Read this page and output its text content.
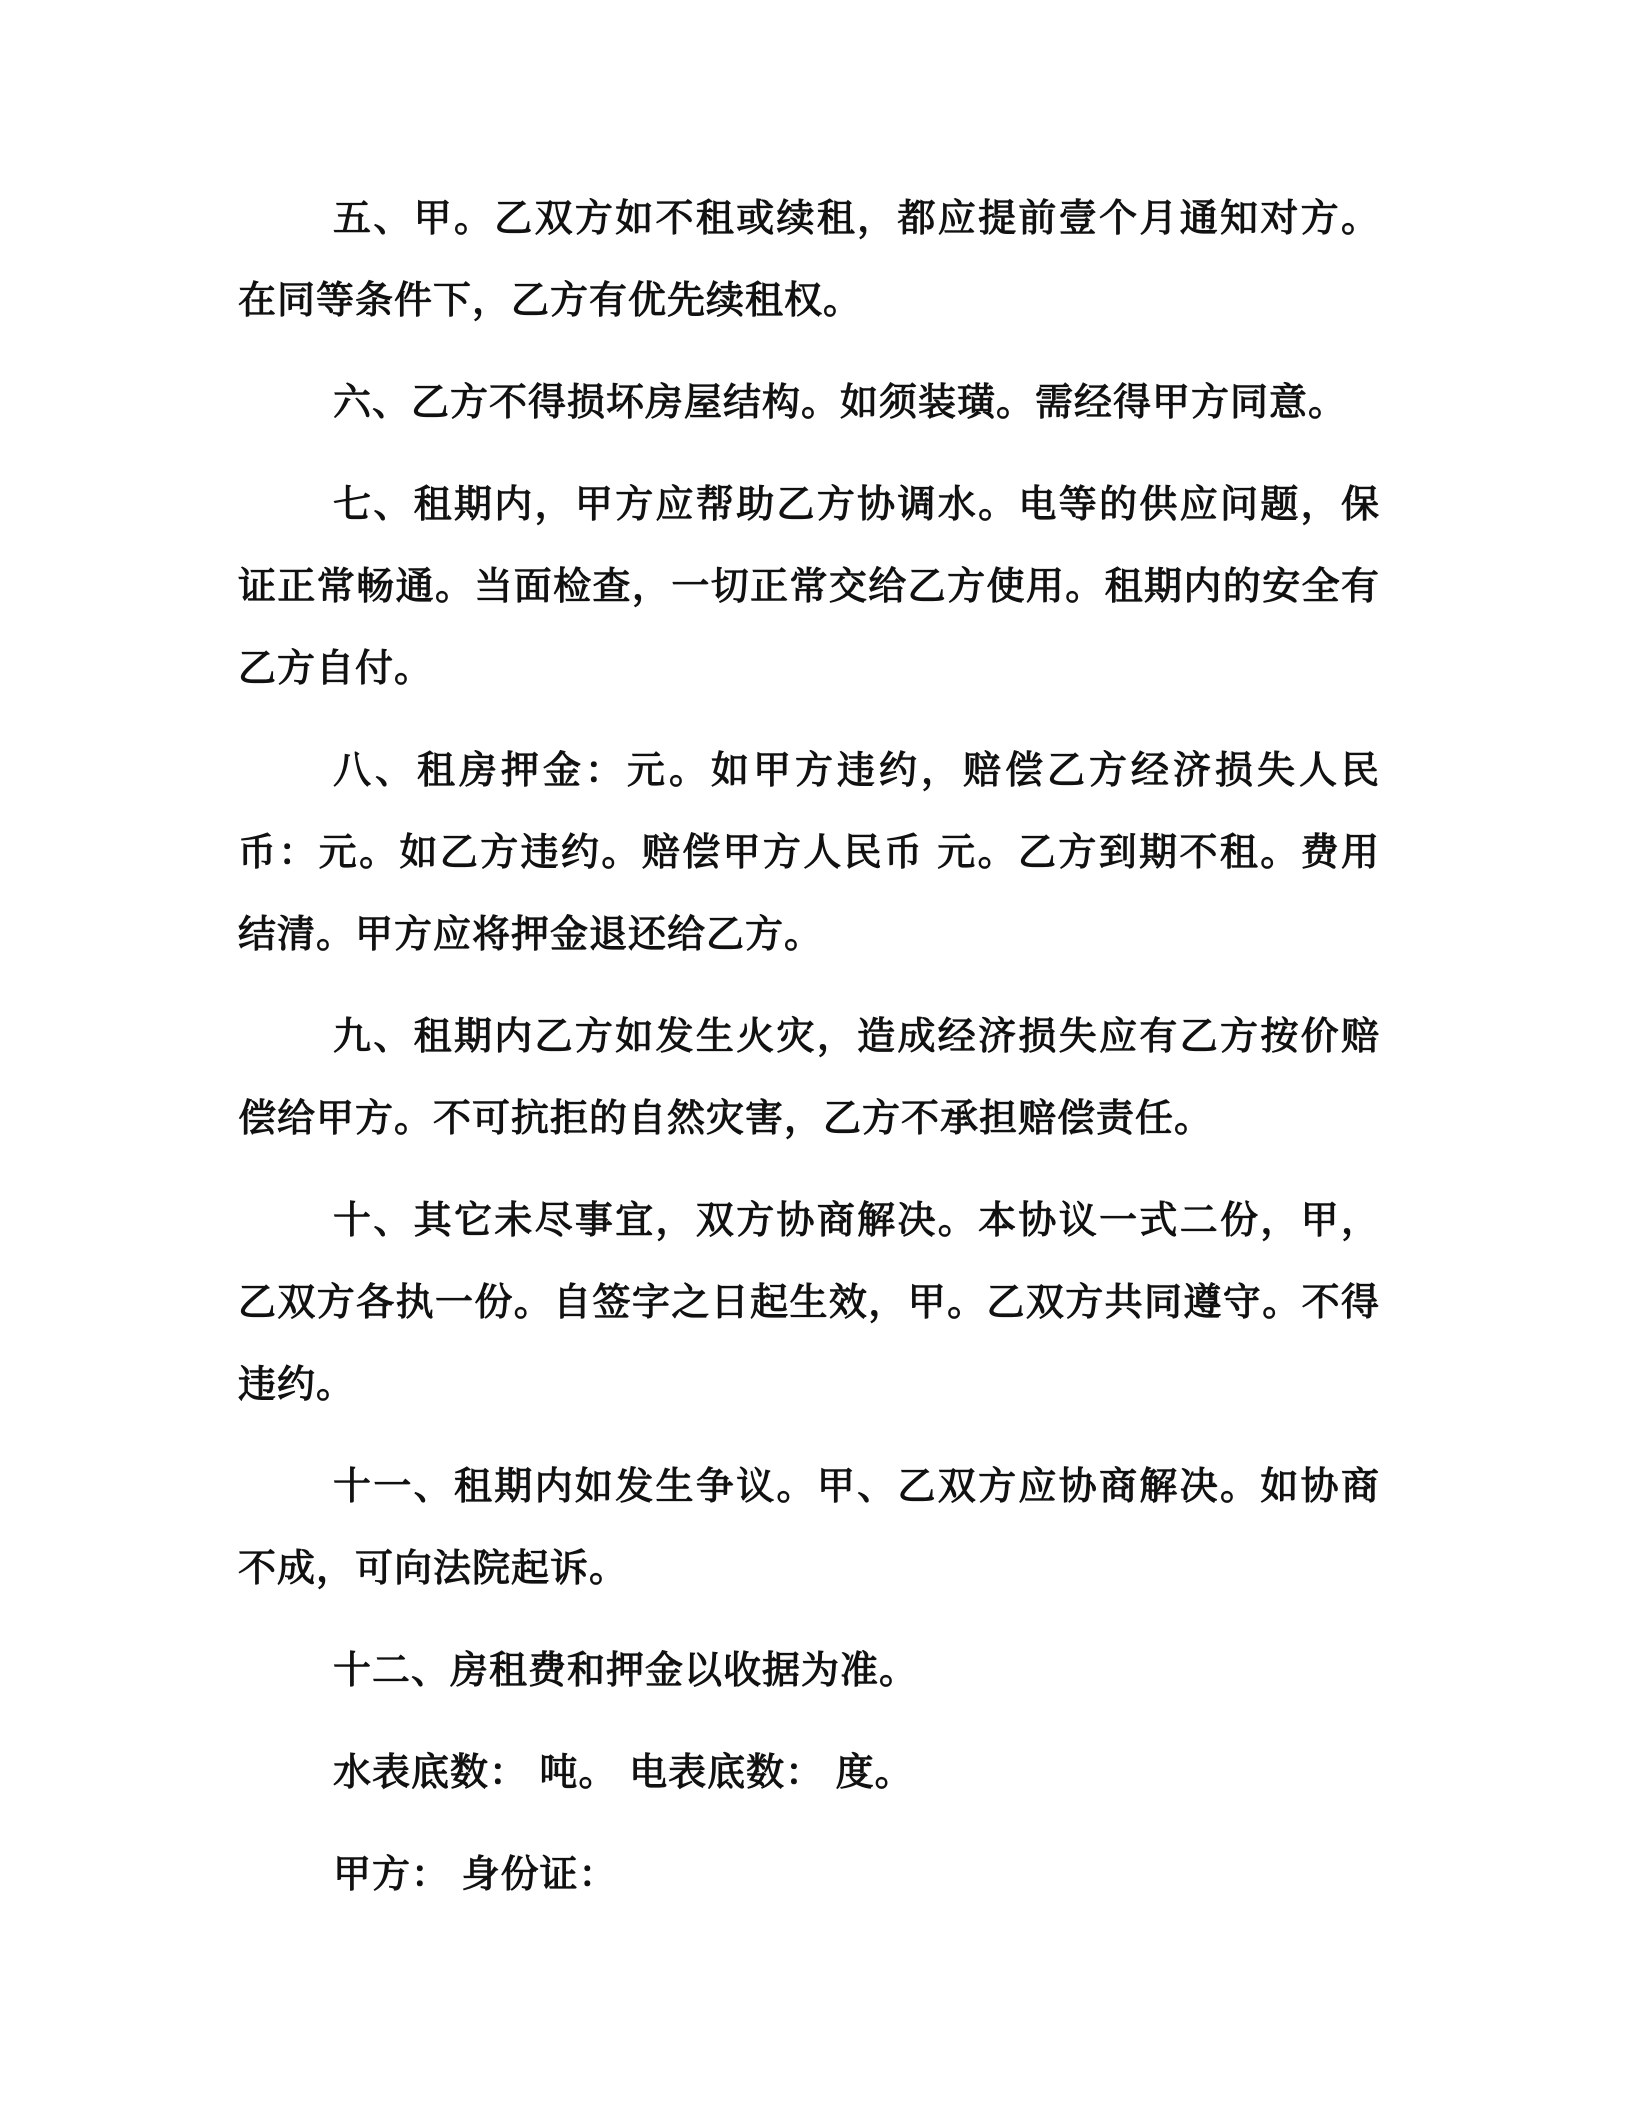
五、甲。乙双方如不租或续租，都应提前壹个月通知对方。在同等条件下，乙方有优先续租权。

六、乙方不得损坏房屋结构。如须装璜。需经得甲方同意。

七、租期内，甲方应帮助乙方协调水。电等的供应问题，保证正常畅通。当面检查，一切正常交给乙方使用。租期内的安全有乙方自付。

八、租房押金：元。如甲方违约，赔偿乙方经济损失人民币：元。如乙方违约。赔偿甲方人民币 元。乙方到期不租。费用结清。甲方应将押金退还给乙方。

九、租期内乙方如发生火灾，造成经济损失应有乙方按价赔偿给甲方。不可抗拒的自然灾害，乙方不承担赔偿责任。

十、其它未尽事宜，双方协商解决。本协议一式二份，甲，乙双方各执一份。自签字之日起生效，甲。乙双方共同遵守。不得违约。

十一、租期内如发生争议。甲、乙双方应协商解决。如协商不成，可向法院起诉。

十二、房租费和押金以收据为准。

水表底数： 吨。 电表底数： 度。

甲方： 身份证：
